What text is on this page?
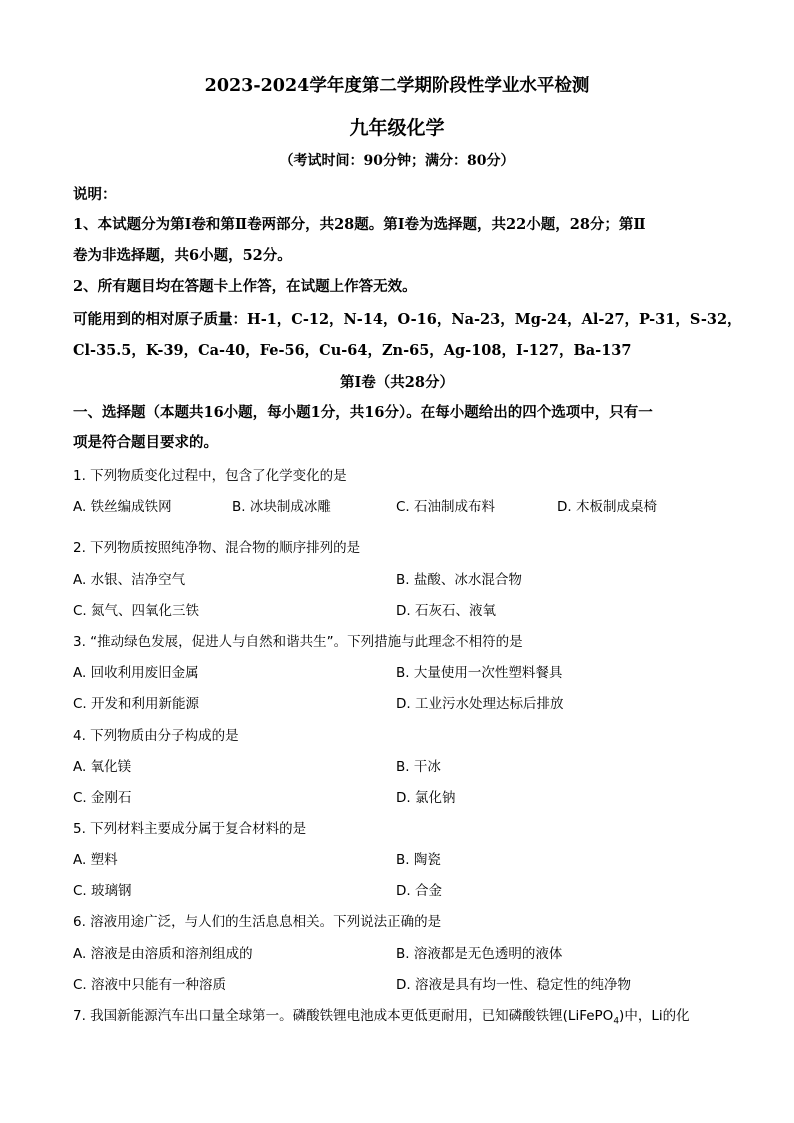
2023-2024学年度第二学期阶段性学业水平检测
九年级化学
（考试时间：90分钟；满分：80分）
说明：
1、本试题分为第Ⅰ卷和第Ⅱ卷两部分，共28题。第Ⅰ卷为选择题，共22小题，28分；第Ⅱ
卷为非选择题，共6小题，52分。
2、所有题目均在答题卡上作答，在试题上作答无效。
可能用到的相对原子质量：H-1，C-12，N-14，O-16，Na-23，Mg-24，Al-27，P-31，S-32，
Cl-35.5，K-39，Ca-40，Fe-56，Cu-64，Zn-65，Ag-108，I-127，Ba-137
第Ⅰ卷（共28分）
一、选择题（本题共16小题，每小题1分，共16分）。在每小题给出的四个选项中，只有一
项是符合题目要求的。
1. 下列物质变化过程中，包含了化学变化的是
A. 铁丝编成铁网	B. 冰块制成冰雕	C. 石油制成布料	D. 木板制成桌椅
2. 下列物质按照纯净物、混合物的顺序排列的是
A. 水银、洁净空气	B. 盐酸、冰水混合物
C. 氮气、四氧化三铁	D. 石灰石、液氧
3. “推动绿色发展，促进人与自然和谐共生”。下列措施与此理念不相符的是
A. 回收利用废旧金属	B. 大量使用一次性塑料餐具
C. 开发和利用新能源	D. 工业污水处理达标后排放
4. 下列物质由分子构成的是
A. 氧化镁	B. 干冰
C. 金刚石	D. 氯化钠
5. 下列材料主要成分属于复合材料的是
A. 塑料	B. 陶瓷
C. 玻璃钢	D. 合金
6. 溶液用途广泛，与人们的生活息息相关。下列说法正确的是
A. 溶液是由溶质和溶剂组成的	B. 溶液都是无色透明的液体
C. 溶液中只能有一种溶质	D. 溶液是具有均一性、稳定性的纯净物
7. 我国新能源汽车出口量全球第一。磷酸铁锂电池成本更低更耐用，已知磷酸铁锂(LiFePO$_4$)中，Li的化
